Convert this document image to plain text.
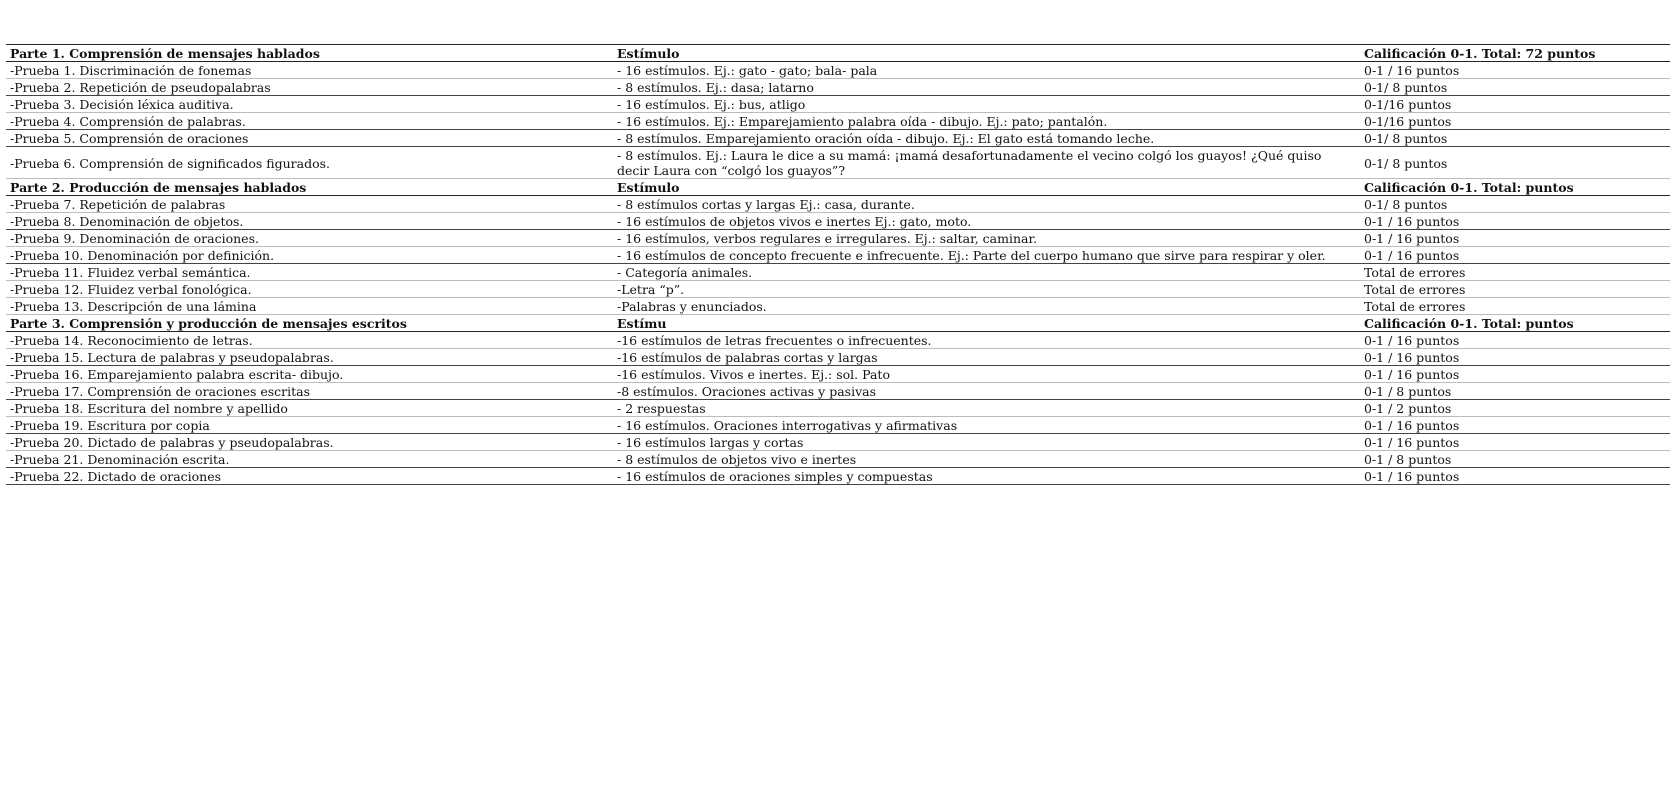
Parte 1. Comprensión de mensajes hablados	Estímulo	Calificación 0-1. Total: 72 puntos
-Prueba 1. Discriminación de fonemas	- 16 estímulos. Ej.: gato - gato; bala- pala	0-1 / 16 puntos
-Prueba 2. Repetición de pseudopalabras	- 8 estímulos. Ej.: dasa; latarno	0-1/ 8 puntos
-Prueba 3. Decisión léxica auditiva.	- 16 estímulos. Ej.: bus, atligo	0-1/16 puntos
-Prueba 4. Comprensión de palabras.	- 16 estímulos. Ej.: Emparejamiento palabra oída - dibujo. Ej.: pato; pantalón.	0-1/16 puntos
-Prueba 5. Comprensión de oraciones	- 8 estímulos. Emparejamiento oración oída - dibujo. Ej.: El gato está tomando leche.	0-1/ 8 puntos
-Prueba 6. Comprensión de significados figurados.	- 8 estímulos. Ej.: Laura le dice a su mamá: ¡mamá desafortunadamente el vecino colgó los guayos! ¿Qué quiso decir Laura con “colgó los guayos”?	0-1/ 8 puntos
Parte 2. Producción de mensajes hablados	Estímulo	Calificación 0-1. Total: puntos
-Prueba 7. Repetición de palabras	- 8 estímulos cortas y largas Ej.: casa, durante.	0-1/ 8 puntos
-Prueba 8. Denominación de objetos.	- 16 estímulos de objetos vivos e inertes Ej.: gato, moto.	0-1 / 16 puntos
-Prueba 9. Denominación de oraciones.	- 16 estímulos, verbos regulares e irregulares. Ej.: saltar, caminar.	0-1 / 16 puntos
-Prueba 10. Denominación por definición.	- 16 estímulos de concepto frecuente e infrecuente. Ej.: Parte del cuerpo humano que sirve para respirar y oler.	0-1 / 16 puntos
-Prueba 11. Fluidez verbal semántica.	- Categoría animales.	Total de errores
-Prueba 12. Fluidez verbal fonológica.	-Letra “p”.	Total de errores
-Prueba 13. Descripción de una lámina	-Palabras y enunciados.	Total de errores
Parte 3. Comprensión y producción de mensajes escritos	Estímu	Calificación 0-1. Total: puntos
-Prueba 14. Reconocimiento de letras.	-16 estímulos de letras frecuentes o infrecuentes.	0-1 / 16 puntos
-Prueba 15. Lectura de palabras y pseudopalabras.	-16 estímulos de palabras cortas y largas	0-1 / 16 puntos
-Prueba 16. Emparejamiento palabra escrita- dibujo.	-16 estímulos. Vivos e inertes. Ej.: sol. Pato	0-1 / 16 puntos
-Prueba 17. Comprensión de oraciones escritas	-8 estímulos. Oraciones activas y pasivas	0-1 / 8 puntos
-Prueba 18. Escritura del nombre y apellido	- 2 respuestas	0-1 / 2 puntos
-Prueba 19. Escritura por copia	- 16 estímulos. Oraciones interrogativas y afirmativas	0-1 / 16 puntos
-Prueba 20. Dictado de palabras y pseudopalabras.	- 16 estímulos largas y cortas	0-1 / 16 puntos
-Prueba 21. Denominación escrita.	- 8 estímulos de objetos vivo e inertes	0-1 / 8 puntos
-Prueba 22. Dictado de oraciones	- 16 estímulos de oraciones simples y compuestas	0-1 / 16 puntos
